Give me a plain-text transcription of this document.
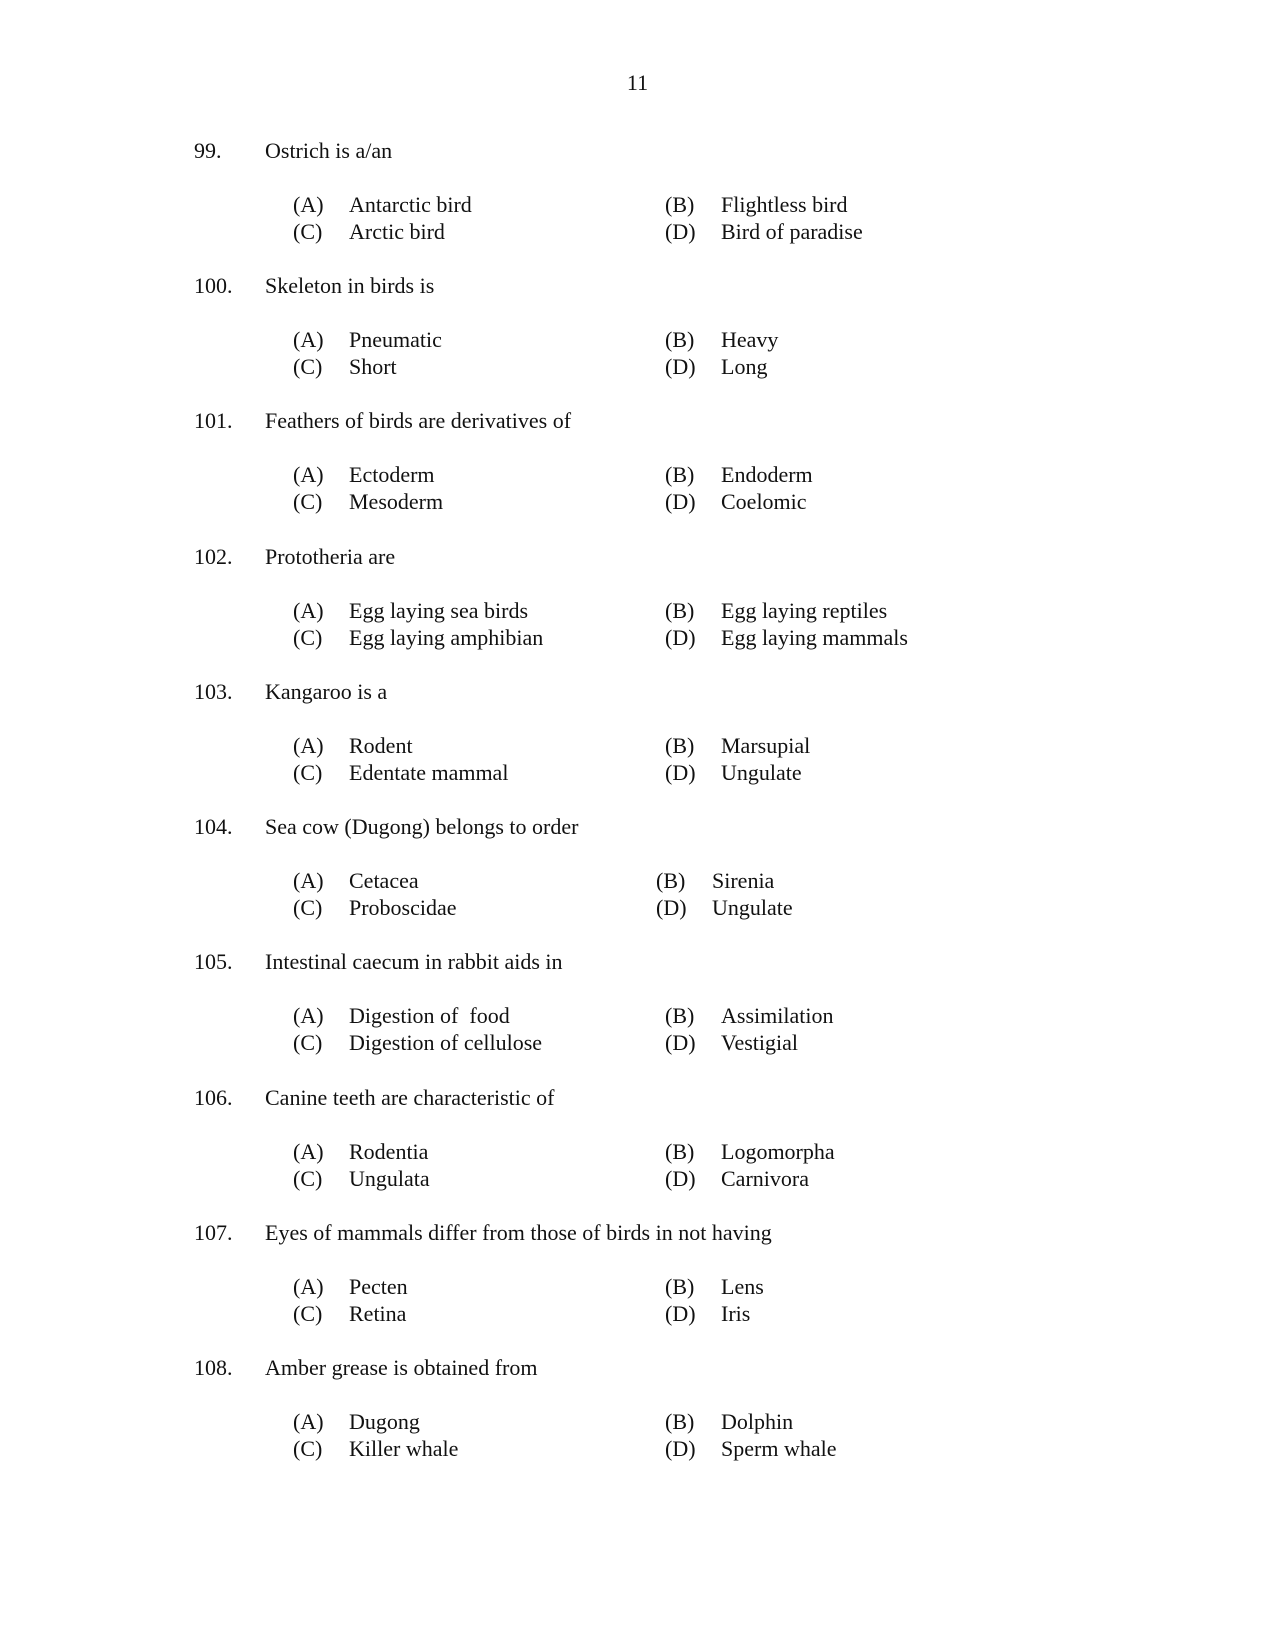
11
99. Ostrich is a/an
(A) Antarctic bird	(B) Flightless bird
(C) Arctic bird	(D) Bird of paradise
100. Skeleton in birds is
(A) Pneumatic	(B) Heavy
(C) Short	(D) Long
101. Feathers of birds are derivatives of
(A) Ectoderm	(B) Endoderm
(C) Mesoderm	(D) Coelomic
102. Prototheria are
(A) Egg laying sea birds	(B) Egg laying reptiles
(C) Egg laying amphibian	(D) Egg laying mammals
103. Kangaroo is a
(A) Rodent	(B) Marsupial
(C) Edentate mammal	(D) Ungulate
104. Sea cow (Dugong) belongs to order
(A) Cetacea	(B) Sirenia
(C) Proboscidae	(D) Ungulate
105. Intestinal caecum in rabbit aids in
(A) Digestion of  food	(B) Assimilation
(C) Digestion of cellulose	(D) Vestigial
106. Canine teeth are characteristic of
(A) Rodentia	(B) Logomorpha
(C) Ungulata	(D) Carnivora
107. Eyes of mammals differ from those of birds in not having
(A) Pecten	(B) Lens
(C) Retina	(D) Iris
108. Amber grease is obtained from
(A) Dugong	(B) Dolphin
(C) Killer whale	(D) Sperm whale
